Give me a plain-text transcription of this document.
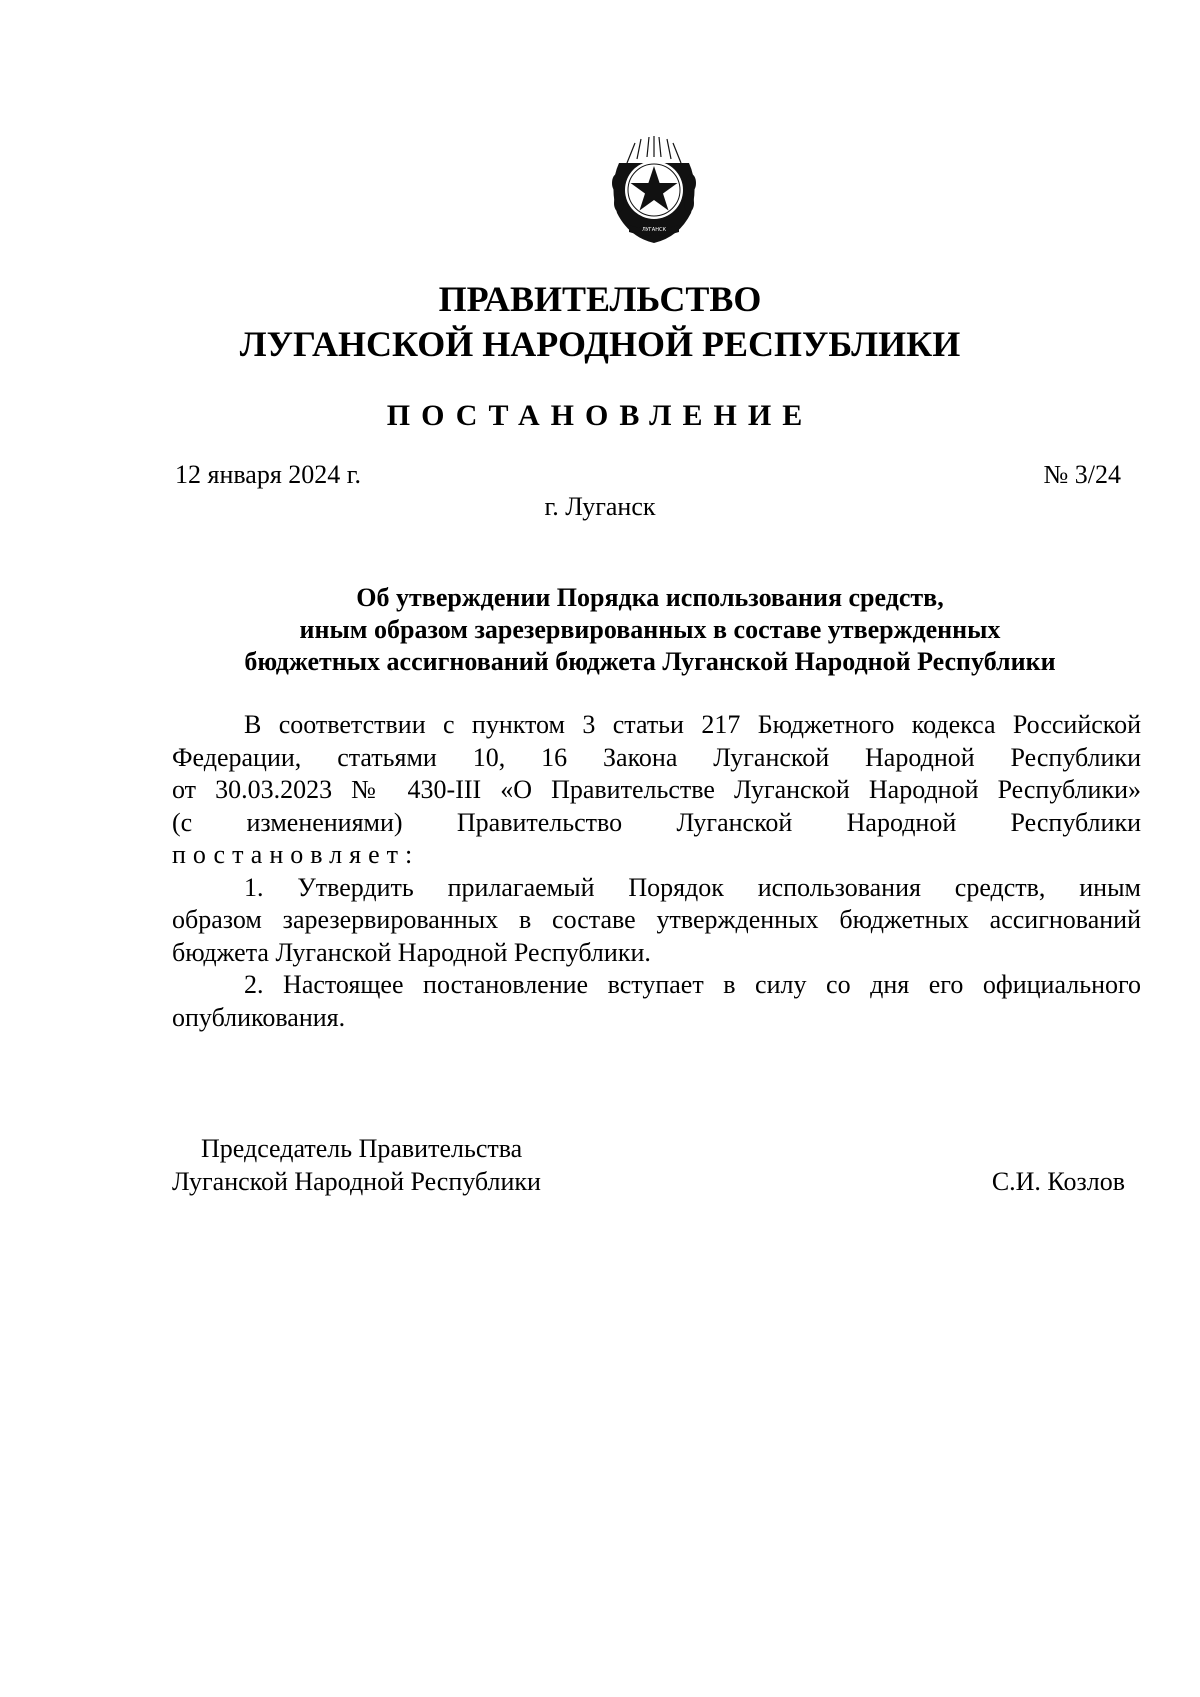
ЛУГАНСК
ПРАВИТЕЛЬСТВО
ЛУГАНСКОЙ НАРОДНОЙ РЕСПУБЛИКИ
ПОСТАНОВЛЕНИЕ
12 января 2024 г.	№ 3/24
г. Луганск
Об утверждении Порядка использования средств,
иным образом зарезервированных в составе утвержденных
бюджетных ассигнований бюджета Луганской Народной Республики
В соответствии с пунктом 3 статьи 217 Бюджетного кодекса Российской
Федерации, статьями 10, 16 Закона Луганской Народной Республики
от 30.03.2023 № 430-III «О Правительстве Луганской Народной Республики»
(с изменениями) Правительство Луганской Народной Республики
постановляет:
1. Утвердить прилагаемый Порядок использования средств, иным
образом зарезервированных в составе утвержденных бюджетных ассигнований
бюджета Луганской Народной Республики.
2. Настоящее постановление вступает в силу со дня его официального
опубликования.
Председатель Правительства
Луганской Народной Республики	С.И. Козлов
